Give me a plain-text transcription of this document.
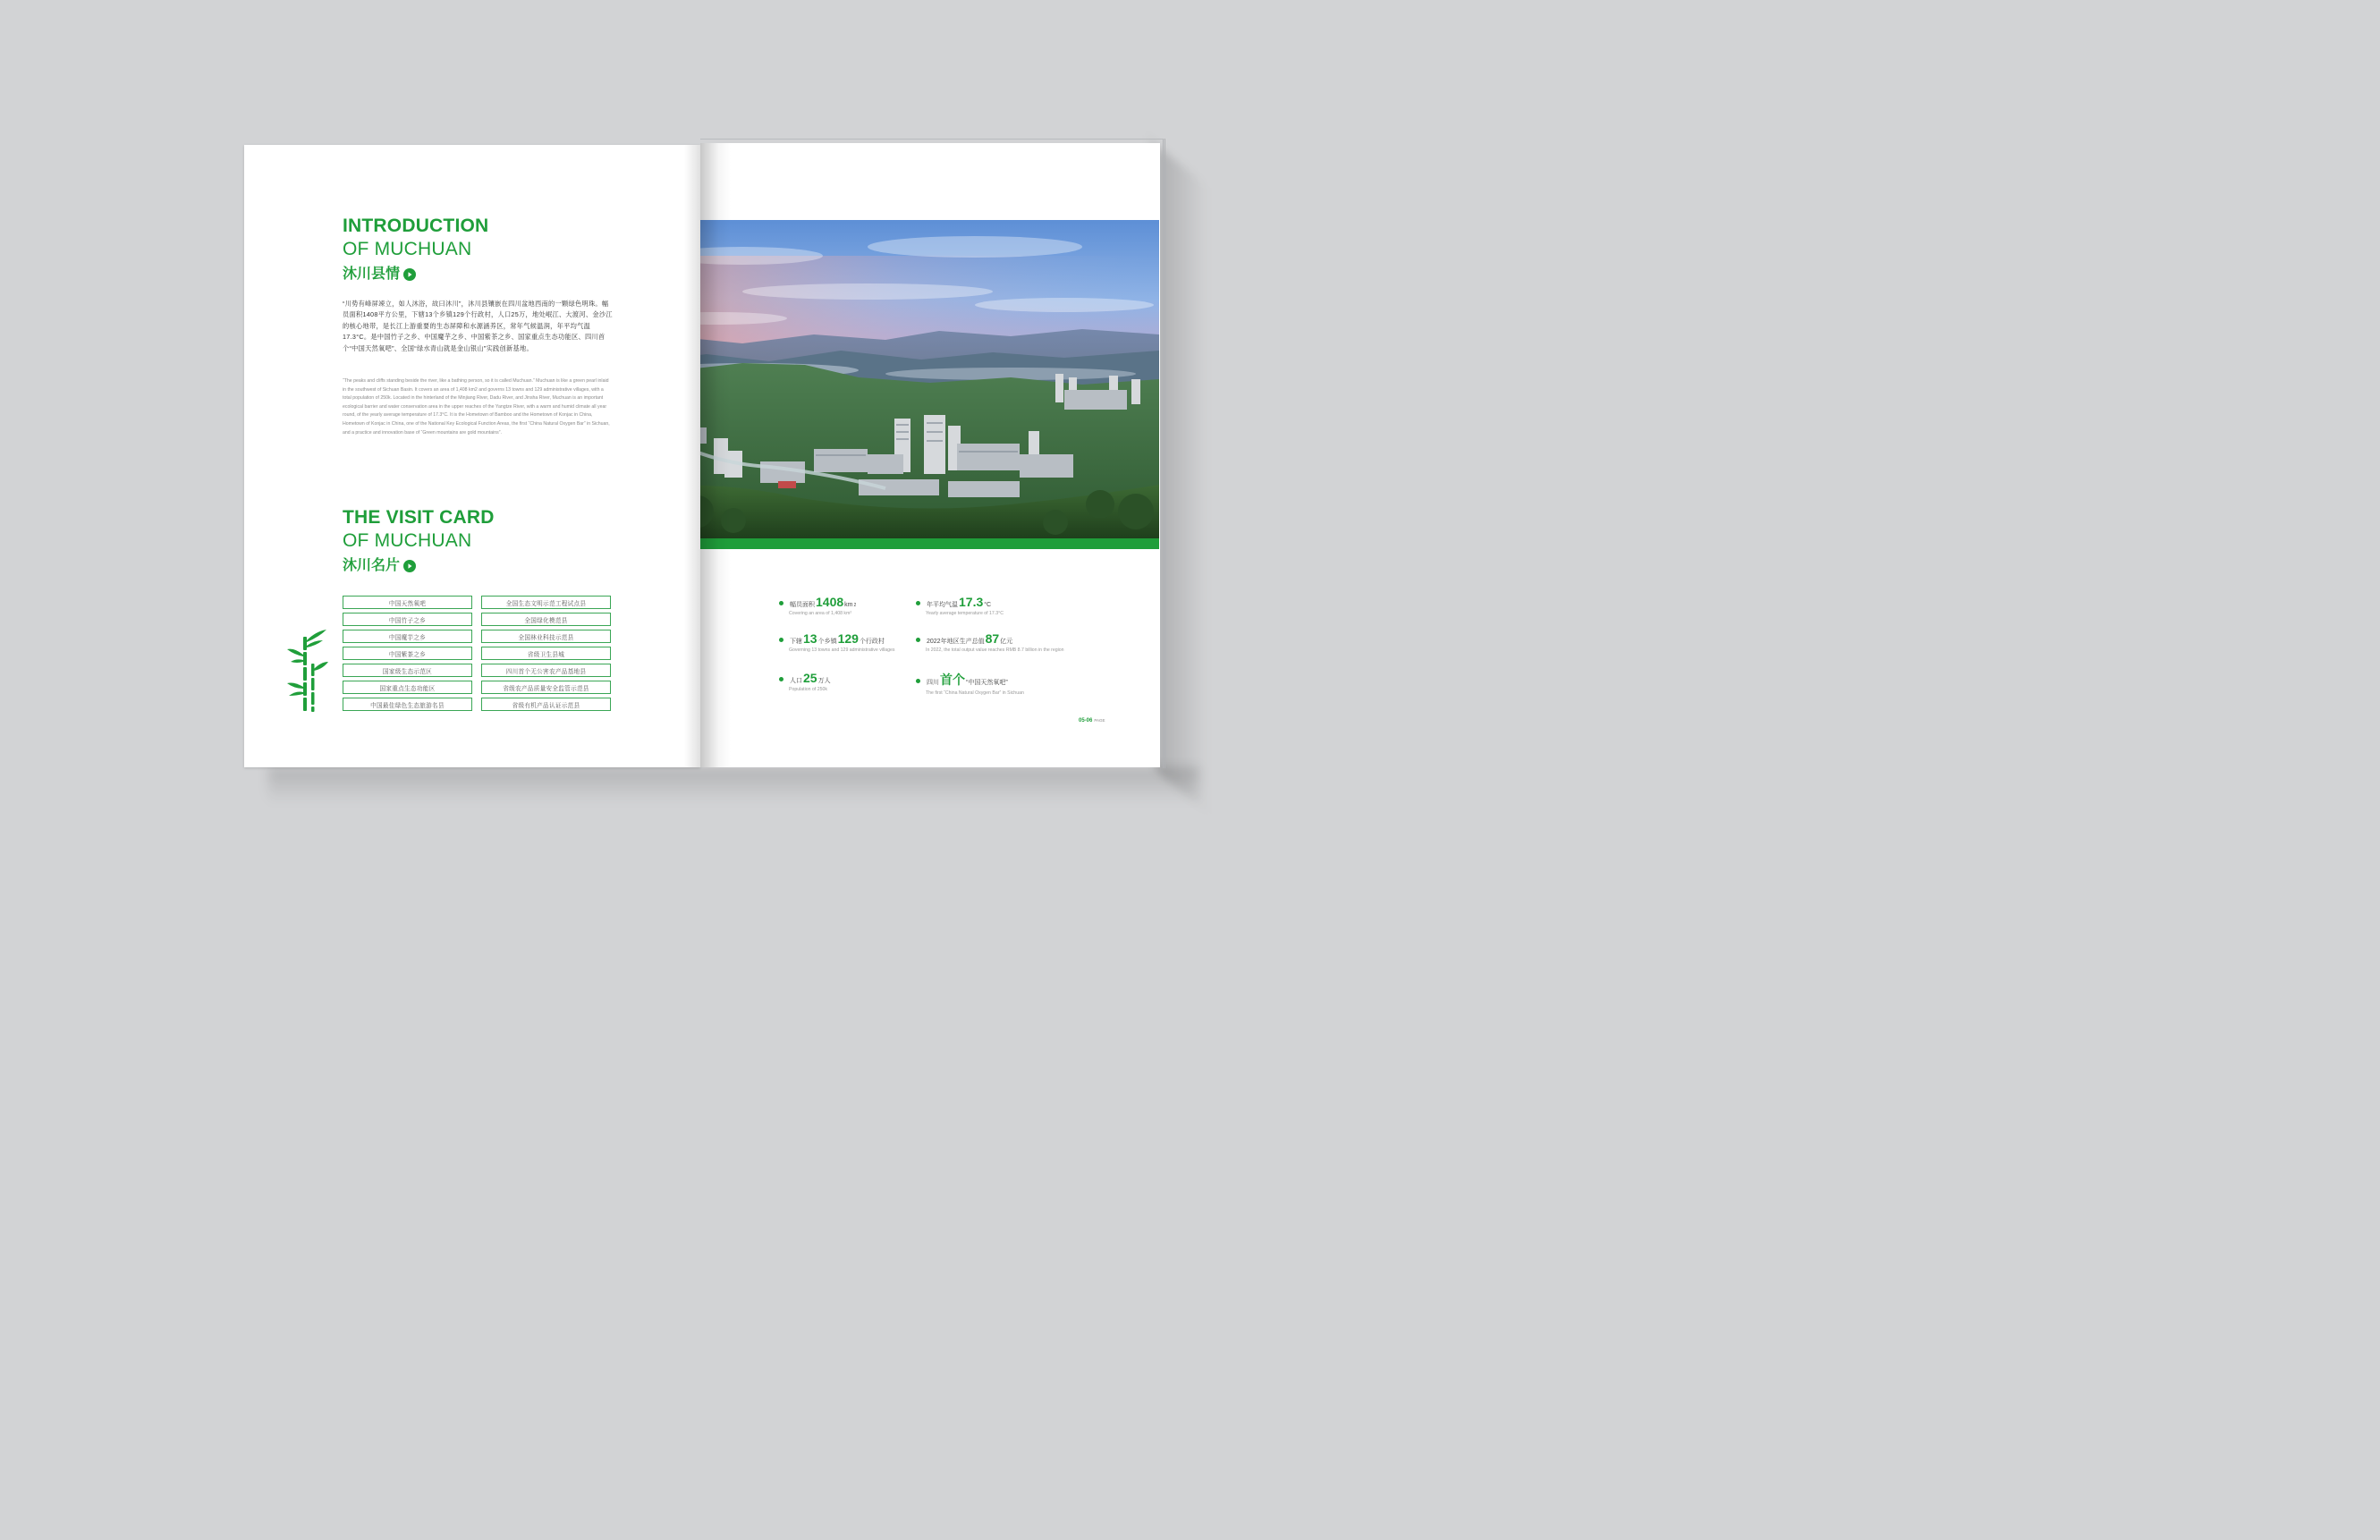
INTRODUCTION
OF MUCHUAN
沐川县情
“川势有峰屏竦立，如人沐浴，故曰沐川”，沐川县镶嵌在四川盆地西南的一颗绿色明珠。幅员面积1408平方公里，下辖13个乡镇129个行政村，人口25万，地处岷江、大渡河、金沙江的核心地带，是长江上游重要的生态屏障和水源涵养区，常年气候温润，年平均气温17.3°C。是中国竹子之乡、中国魔芋之乡、中国紫茶之乡、国家重点生态功能区、四川首个“中国天然氧吧”、全国“绿水青山就是金山银山”实践创新基地。
“The peaks and cliffs standing beside the river, like a bathing person, so it is called Muchuan.” Muchuan is like a green pearl inlaid in the southwest of Sichuan Basin. It covers an area of 1,408 km2 and governs 13 towns and 129 administrative villages, with a total population of 250k. Located in the hinterland of the Minjiang River, Dadu River, and Jinsha River, Muchuan is an important ecological barrier and water conservation area in the upper reaches of the Yangtze River, with a warm and humid climate all year round, of the yearly average temperature of 17.3°C. It is the Hometown of Bamboo and the Hometown of Konjac in China, Hometown of Konjac in China, one of the National Key Ecological Function Areas, the first “China Natural Oxygen Bar” in Sichuan, and a practice and innovation base of “Green mountains are gold mountains”.
THE VISIT CARD
OF MUCHUAN
沐川名片
中国天然氧吧	全国生态文明示范工程试点县
中国竹子之乡	全国绿化模范县
中国魔芋之乡	全国林业科技示范县
中国紫茶之乡	省级卫生县城
国家级生态示范区	四川首个无公害农产品基地县
国家重点生态功能区	省级农产品质量安全监管示范县
中国最佳绿色生态旅游名县	省级有机产品认证示范县
幅员面积 1408 km 2
Covering an area of 1,408 km²
年平均气温 17.3 °C
Yearly average temperature of 17.3°C
下辖 13 个乡镇 129 个行政村
Governing 13 towns and 129 administrative villages
2022年地区生产总值 87 亿元
In 2022, the total output value reaches RMB 8.7 billion in the region
人口 25 万人
Population of 250k
四川 首个 “中国天然氧吧”
The first “China Natural Oxygen Bar” in Sichuan
05-06 PAGE
